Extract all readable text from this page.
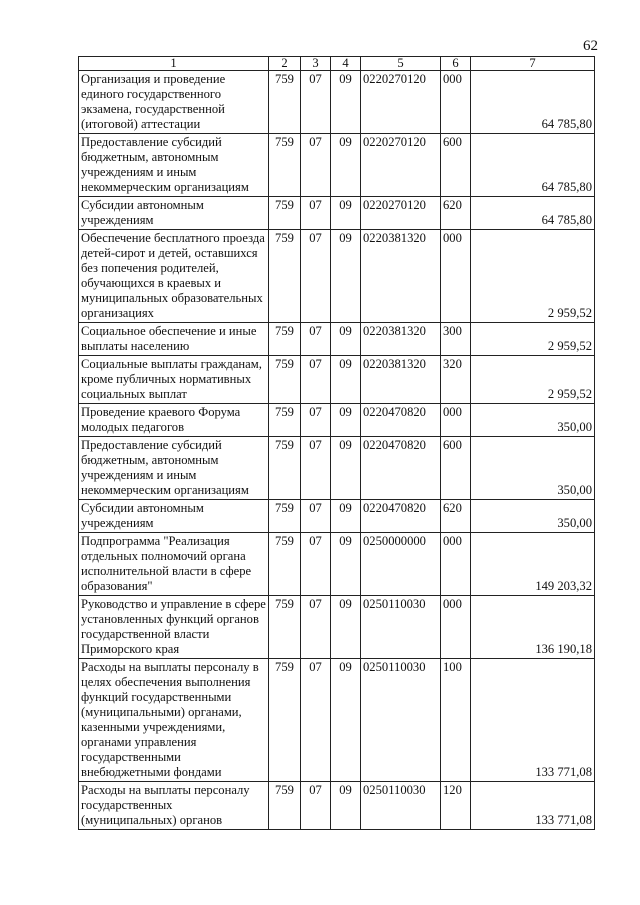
62
1	2	3	4	5	6	7
Организация и проведение единого государственного экзамена, государственной (итоговой) аттестации	759	07	09	0220270120	000	64 785,80
Предоставление субсидий бюджетным, автономным учреждениям и иным некоммерческим организациям	759	07	09	0220270120	600	64 785,80
Субсидии автономным учреждениям	759	07	09	0220270120	620	64 785,80
Обеспечение бесплатного проезда детей-сирот и детей, оставшихся без попечения родителей, обучающихся в краевых и муниципальных образовательных организациях	759	07	09	0220381320	000	2 959,52
Социальное обеспечение и иные выплаты населению	759	07	09	0220381320	300	2 959,52
Социальные выплаты гражданам, кроме публичных нормативных социальных выплат	759	07	09	0220381320	320	2 959,52
Проведение краевого Форума молодых педагогов	759	07	09	0220470820	000	350,00
Предоставление субсидий бюджетным, автономным учреждениям и иным некоммерческим организациям	759	07	09	0220470820	600	350,00
Субсидии автономным учреждениям	759	07	09	0220470820	620	350,00
Подпрограмма "Реализация отдельных полномочий органа исполнительной власти в сфере образования"	759	07	09	0250000000	000	149 203,32
Руководство и управление в сфере установленных функций органов государственной власти Приморского края	759	07	09	0250110030	000	136 190,18
Расходы на выплаты персоналу в целях обеспечения выполнения функций государственными (муниципальными) органами, казенными учреждениями, органами управления государственными внебюджетными фондами	759	07	09	0250110030	100	133 771,08
Расходы на выплаты персоналу государственных (муниципальных) органов	759	07	09	0250110030	120	133 771,08
